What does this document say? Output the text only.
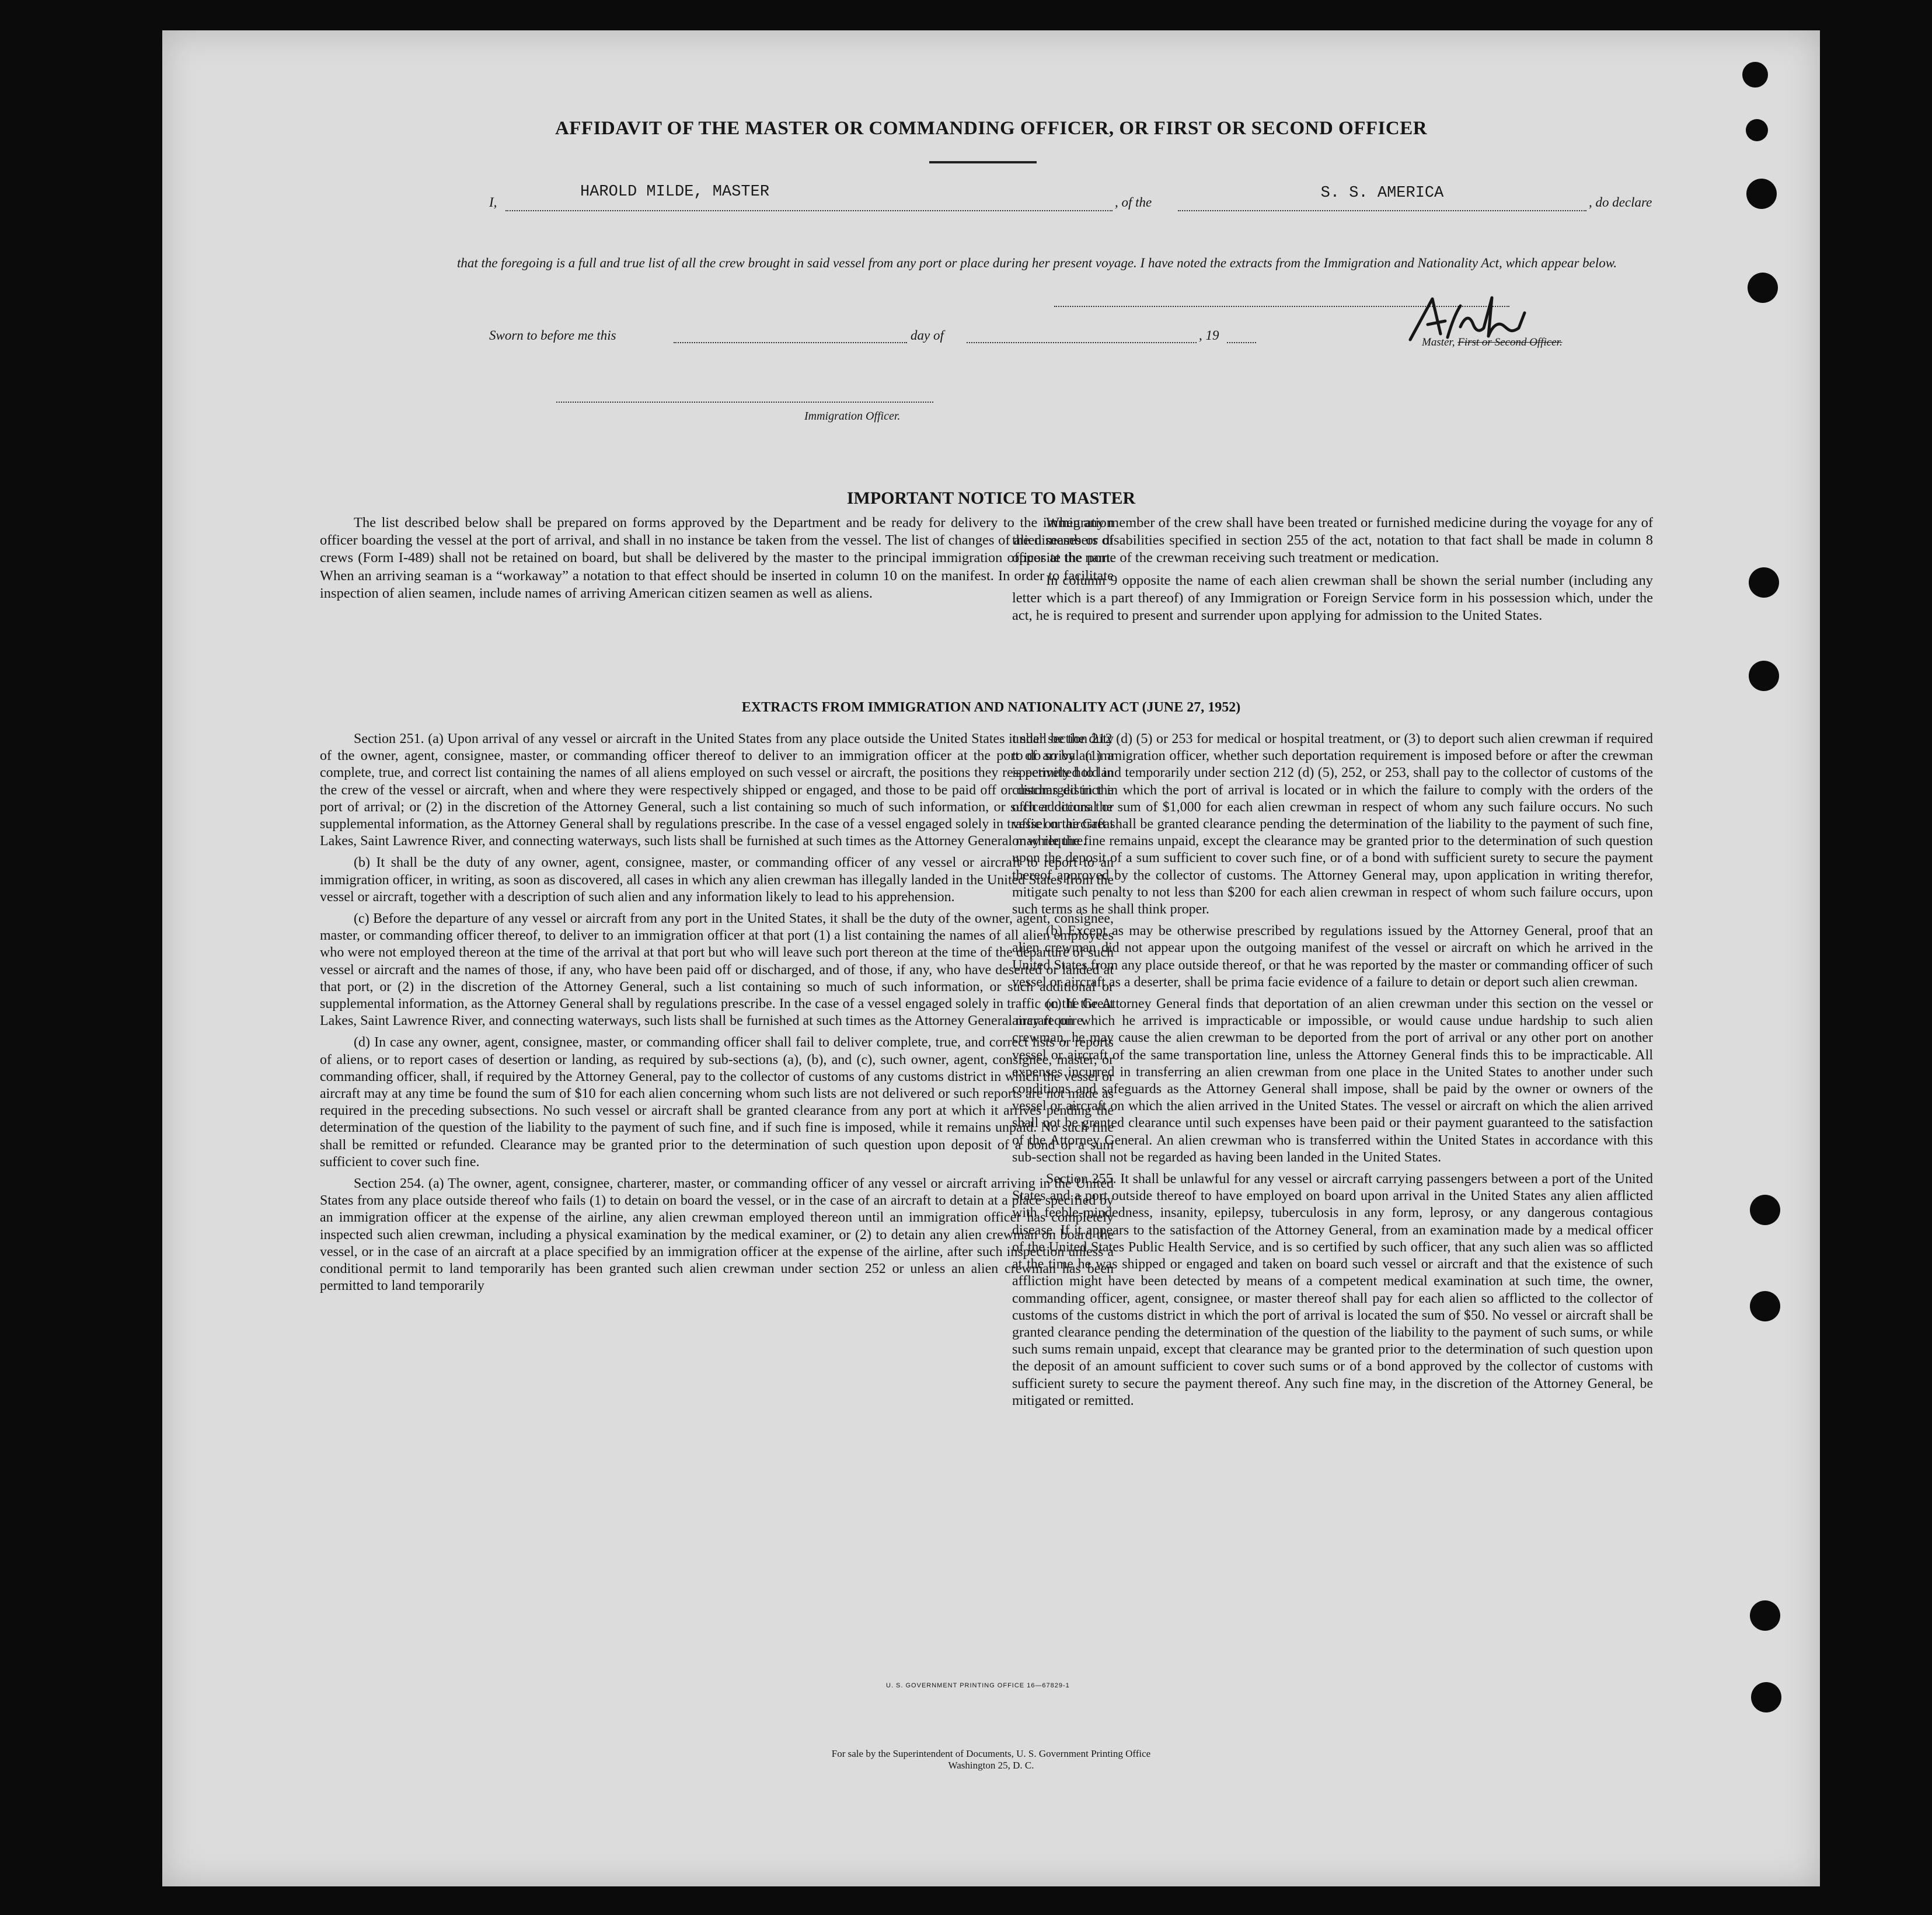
AFFIDAVIT OF THE MASTER OR COMMANDING OFFICER, OR FIRST OR SECOND OFFICER
I,
HAROLD MILDE, MASTER
, of the
S. S. AMERICA
, do declare
that the foregoing is a full and true list of all the crew brought in said vessel from any port or place during her present voyage. I have noted the extracts from the Immigration and Nationality Act, which appear below.
Master, First or Second Officer.
Sworn to before me this	day of	, 19
Immigration Officer.
IMPORTANT NOTICE TO MASTER

The list described below shall be prepared on forms approved by the Department and be ready for delivery to the immigration officer boarding the vessel at the port of arrival, and shall in no instance be taken from the vessel. The list of changes of alien members of crews (Form I-489) shall not be retained on board, but shall be delivered by the master to the principal immigration officer at the port. When an arriving seaman is a “workaway” a notation to that effect should be inserted in column 10 on the manifest. In order to facilitate inspection of alien seamen, include names of arriving American citizen seamen as well as aliens.

When any member of the crew shall have been treated or furnished medicine during the voyage for any of the diseases or disabilities specified in section 255 of the act, notation to that fact shall be made in column 8 opposite the name of the crewman receiving such treatment or medication.

In column 9 opposite the name of each alien crewman shall be shown the serial number (including any letter which is a part thereof) of any Immigration or Foreign Service form in his possession which, under the act, he is required to present and surrender upon applying for admission to the United States.

EXTRACTS FROM IMMIGRATION AND NATIONALITY ACT (JUNE 27, 1952)

Section 251. (a) Upon arrival of any vessel or aircraft in the United States from any place outside the United States it shall be the duty of the owner, agent, consignee, master, or commanding officer thereof to deliver to an immigration officer at the port of arrival (1) a complete, true, and correct list containing the names of all aliens employed on such vessel or aircraft, the positions they respectively hold in the crew of the vessel or aircraft, when and where they were respectively shipped or engaged, and those to be paid off or discharged in the port of arrival; or (2) in the discretion of the Attorney General, such a list containing so much of such information, or such additional or supplemental information, as the Attorney General shall by regulations prescribe. In the case of a vessel engaged solely in traffic on the Great Lakes, Saint Lawrence River, and connecting waterways, such lists shall be furnished at such times as the Attorney General may require.

(b) It shall be the duty of any owner, agent, consignee, master, or commanding officer of any vessel or aircraft to report to an immigration officer, in writing, as soon as discovered, all cases in which any alien crewman has illegally landed in the United States from the vessel or aircraft, together with a description of such alien and any information likely to lead to his apprehension.

(c) Before the departure of any vessel or aircraft from any port in the United States, it shall be the duty of the owner, agent, consignee, master, or commanding officer thereof, to deliver to an immigration officer at that port (1) a list containing the names of all alien employees who were not employed thereon at the time of the arrival at that port but who will leave such port thereon at the time of the departure of such vessel or aircraft and the names of those, if any, who have been paid off or discharged, and of those, if any, who have deserted or landed at that port, or (2) in the discretion of the Attorney General, such a list containing so much of such information, or such additional or supplemental information, as the Attorney General shall by regulations prescribe. In the case of a vessel engaged solely in traffic on the Great Lakes, Saint Lawrence River, and connecting waterways, such lists shall be furnished at such times as the Attorney General may require.

(d) In case any owner, agent, consignee, master, or commanding officer shall fail to deliver complete, true, and correct lists or reports of aliens, or to report cases of desertion or landing, as required by sub-sections (a), (b), and (c), such owner, agent, consignee, master, or commanding officer, shall, if required by the Attorney General, pay to the collector of customs of any customs district in which the vessel or aircraft may at any time be found the sum of $10 for each alien concerning whom such lists are not delivered or such reports are not made as required in the preceding subsections. No such vessel or aircraft shall be granted clearance from any port at which it arrives pending the determination of the question of the liability to the payment of such fine, and if such fine is imposed, while it remains unpaid. No such fine shall be remitted or refunded. Clearance may be granted prior to the determination of such question upon deposit of a bond or a sum sufficient to cover such fine.

Section 254. (a) The owner, agent, consignee, charterer, master, or commanding officer of any vessel or aircraft arriving in the United States from any place outside thereof who fails (1) to detain on board the vessel, or in the case of an aircraft to detain at a place specified by an immigration officer at the expense of the airline, any alien crewman employed thereon until an immigration officer has completely inspected such alien crewman, including a physical examination by the medical examiner, or (2) to detain any alien crewman on board the vessel, or in the case of an aircraft at a place specified by an immigration officer at the expense of the airline, after such inspection unless a conditional permit to land temporarily has been granted such alien crewman under section 252 or unless an alien crewman has been permitted to land temporarily

under section 212 (d) (5) or 253 for medical or hospital treatment, or (3) to deport such alien crewman if required to do so by an immigration officer, whether such deportation requirement is imposed before or after the crewman is permitted to land temporarily under section 212 (d) (5), 252, or 253, shall pay to the collector of customs of the customs district in which the port of arrival is located or in which the failure to comply with the orders of the officer occurs the sum of $1,000 for each alien crewman in respect of whom any such failure occurs. No such vessel or aircraft shall be granted clearance pending the determination of the liability to the payment of such fine, or while the fine remains unpaid, except the clearance may be granted prior to the determination of such question upon the deposit of a sum sufficient to cover such fine, or of a bond with sufficient surety to secure the payment thereof approved by the collector of customs. The Attorney General may, upon application in writing therefor, mitigate such penalty to not less than $200 for each alien crewman in respect of whom such failure occurs, upon such terms as he shall think proper.

(b) Except as may be otherwise prescribed by regulations issued by the Attorney General, proof that an alien crewman did not appear upon the outgoing manifest of the vessel or aircraft on which he arrived in the United States from any place outside thereof, or that he was reported by the master or commanding officer of such vessel or aircraft as a deserter, shall be prima facie evidence of a failure to detain or deport such alien crewman.

(c) If the Attorney General finds that deportation of an alien crewman under this section on the vessel or aircraft on which he arrived is impracticable or impossible, or would cause undue hardship to such alien crewman, he may cause the alien crewman to be deported from the port of arrival or any other port on another vessel or aircraft of the same transportation line, unless the Attorney General finds this to be impracticable. All expenses incurred in transferring an alien crewman from one place in the United States to another under such conditions and safeguards as the Attorney General shall impose, shall be paid by the owner or owners of the vessel or aircraft on which the alien arrived in the United States. The vessel or aircraft on which the alien arrived shall not be granted clearance until such expenses have been paid or their payment guaranteed to the satisfaction of the Attorney General. An alien crewman who is transferred within the United States in accordance with this sub-section shall not be regarded as having been landed in the United States.

Section 255. It shall be unlawful for any vessel or aircraft carrying passengers between a port of the United States and a port outside thereof to have employed on board upon arrival in the United States any alien afflicted with feeble-mindedness, insanity, epilepsy, tuberculosis in any form, leprosy, or any dangerous contagious disease. If it appears to the satisfaction of the Attorney General, from an examination made by a medical officer of the United States Public Health Service, and is so certified by such officer, that any such alien was so afflicted at the time he was shipped or engaged and taken on board such vessel or aircraft and that the existence of such affliction might have been detected by means of a competent medical examination at such time, the owner, commanding officer, agent, consignee, or master thereof shall pay for each alien so afflicted to the collector of customs of the customs district in which the port of arrival is located the sum of $50. No vessel or aircraft shall be granted clearance pending the determination of the question of the liability to the payment of such sums, or while such sums remain unpaid, except that clearance may be granted prior to the determination of such question upon the deposit of an amount sufficient to cover such sums or of a bond approved by the collector of customs with sufficient surety to secure the payment thereof. Any such fine may, in the discretion of the Attorney General, be mitigated or remitted.

U. S. GOVERNMENT PRINTING OFFICE 16—67829-1
For sale by the Superintendent of Documents, U. S. Government Printing Office
Washington 25, D. C.
